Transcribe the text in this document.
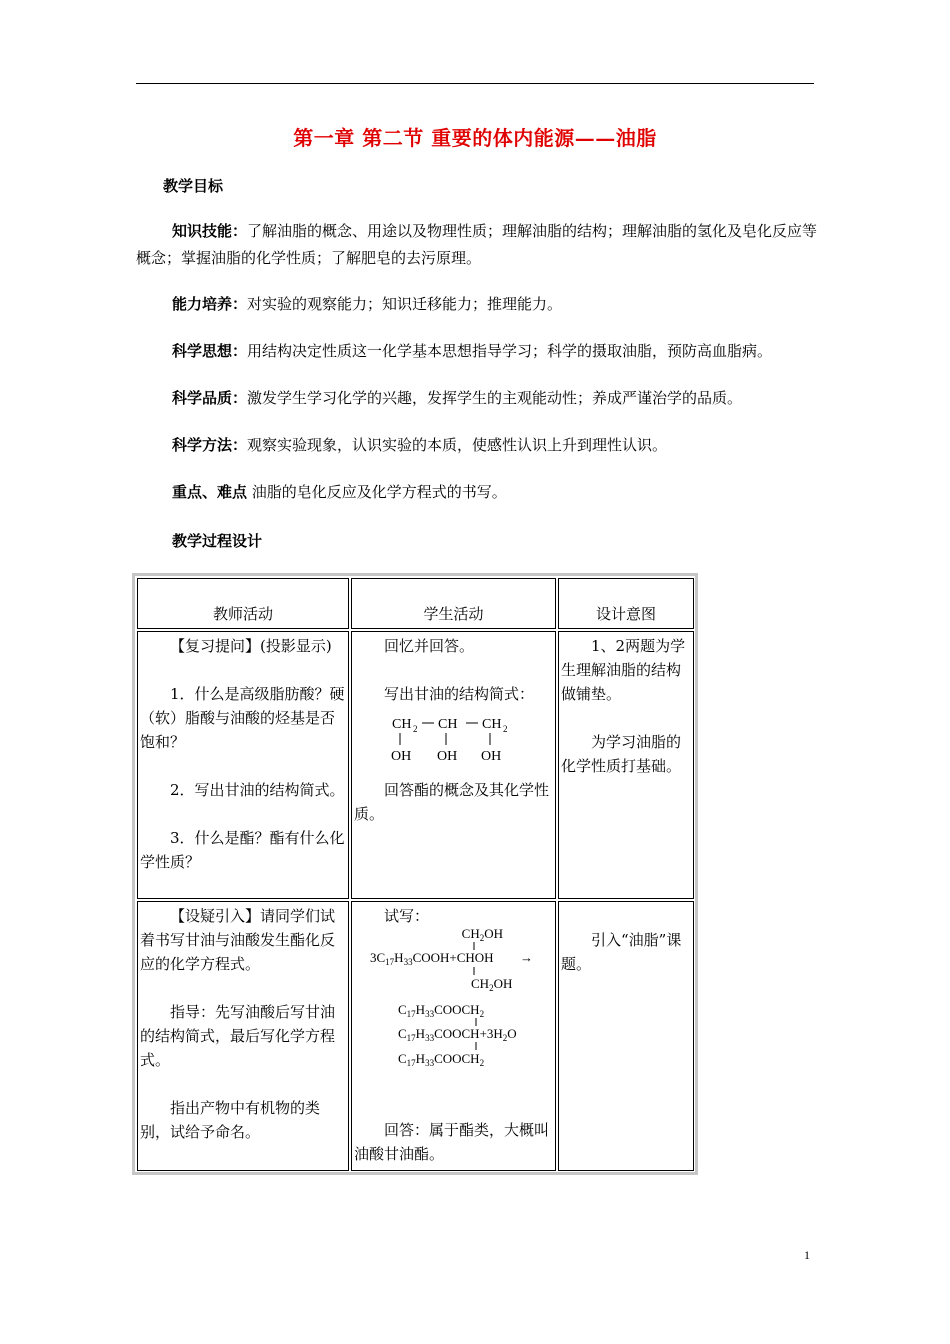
第一章 第二节 重要的体内能源——油脂
教学目标
知识技能：了解油脂的概念、用途以及物理性质；理解油脂的结构；理解油脂的氢化及皂化反应等概念；掌握油脂的化学性质；了解肥皂的去污原理。
能力培养：对实验的观察能力；知识迁移能力；推理能力。
科学思想：用结构决定性质这一化学基本思想指导学习；科学的摄取油脂，预防高血脂病。
科学品质：激发学生学习化学的兴趣，发挥学生的主观能动性；养成严谨治学的品质。
科学方法：观察实验现象，认识实验的本质，使感性认识上升到理性认识。
重点、难点 油脂的皂化反应及化学方程式的书写。
教学过程设计
教师活动	学生活动	设计意图

【复习提问】(投影显示)

1．什么是高级脂肪酸？硬（软）脂酸与油酸的烃基是否饱和？

2．写出甘油的结构简式。

3．什么是酯？酯有什么化学性质？

回忆并回答。

写出甘油的结构简式：

CH 2 CH CH 2
OH OH OH

回答酯的概念及其化学性质。

1、2两题为学生理解油脂的结构做铺垫。

为学习油脂的化学性质打基础。

【设疑引入】请同学们试着书写甘油与油酸发生酯化反应的化学方程式。

指导：先写油酸后写甘油的结构简式，最后写化学方程式。

指出产物中有机物的类别，试给予命名。

试写：

$CH_2OH$
$3C_{17}H_{33}COOH+CHOH$ →
$CH_2OH$
$C_{17}H_{33}COOCH_2$
$C_{17}H_{33}COOCH+3H_2O$
$C_{17}H_{33}COOCH_2$

回答：属于酯类，大概叫油酸甘油酯。

引入“油脂”课题。

1
